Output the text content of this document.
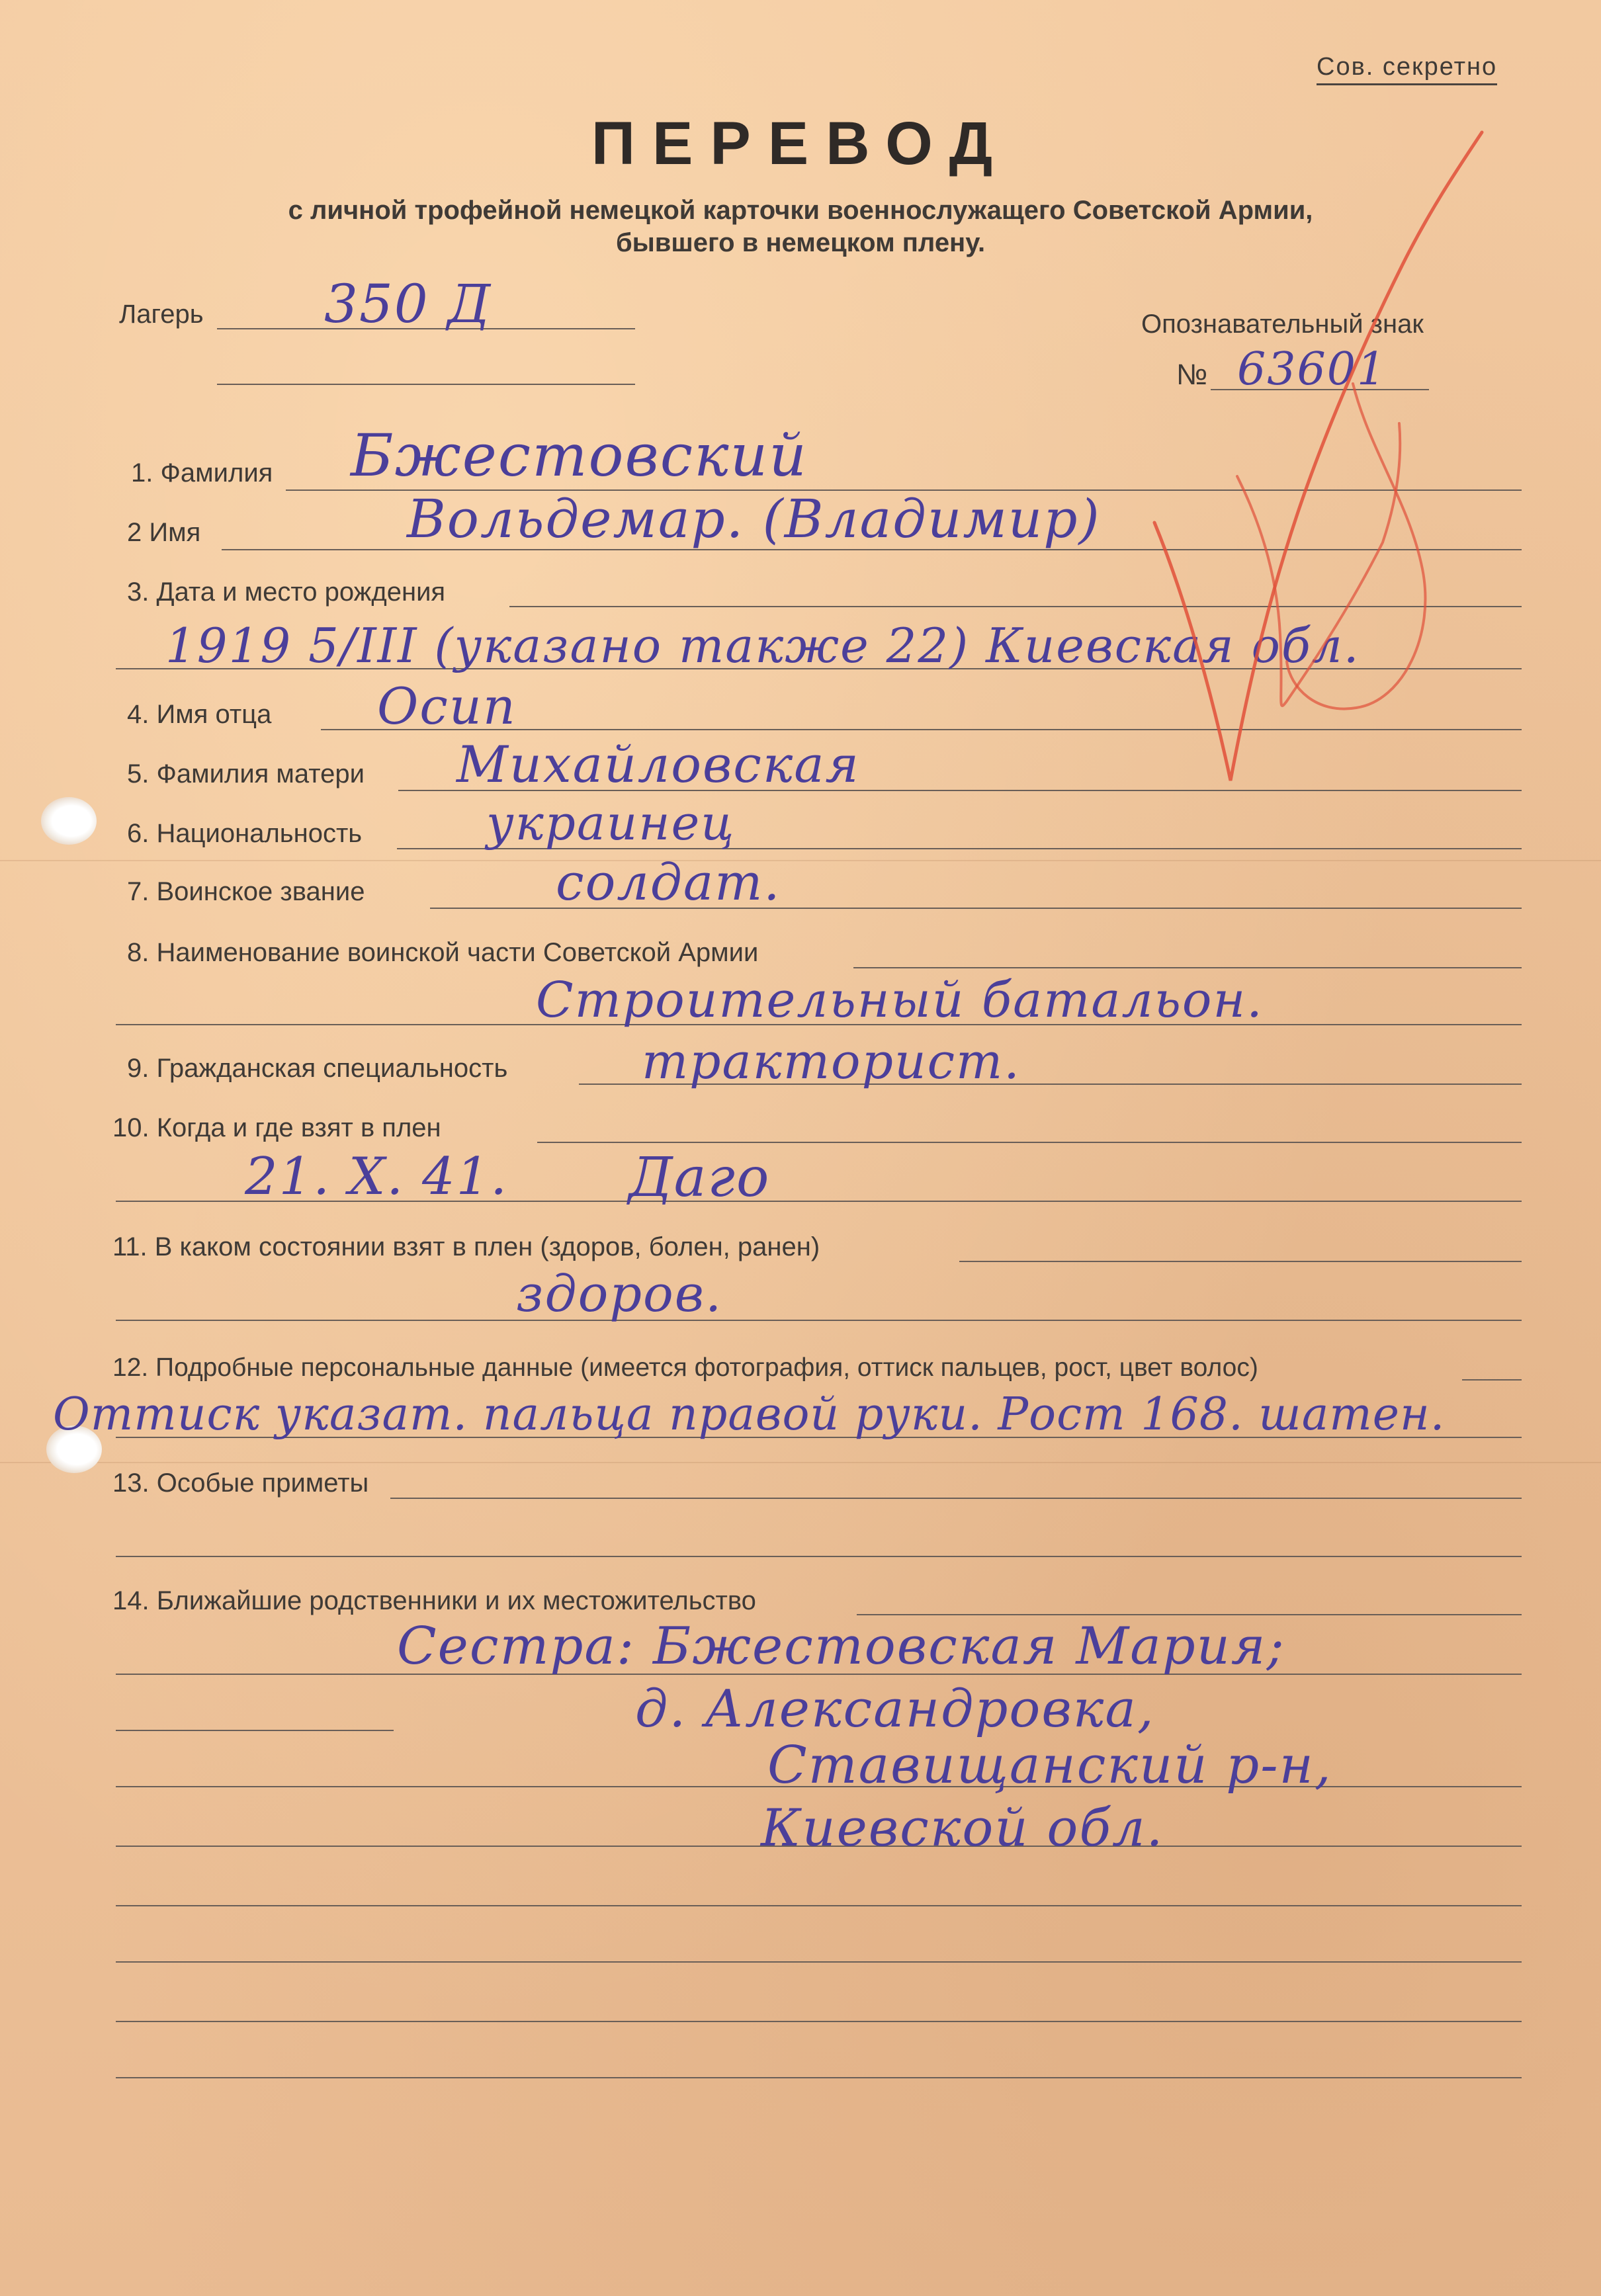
Сов. секретно
ПЕРЕВОД
с личной трофейной немецкой карточки военнослужащего Советской Армии,
бывшего в немецком плену.
Лагерь 350 Д	Опознавательный знак
№ 63601
1. Фамилия Бжестовский
2 Имя	Вольдемар. (Владимир)
3. Дата и место рождения
1919 5/III (указано также 22) Киевская обл.
4. Имя отца Осип
5. Фамилия матери Михайловская
6. Национальность	украинец
7. Воинское звание	солдат.
8. Наименование воинской части Советской Армии
Строительный батальон.
9. Гражданская специальность	тракторист.
10. Когда и где взят в плен
21. X. 41. Даго
11. В каком состоянии взят в плен (здоров, болен, ранен)
здоров.
12. Подробные персональные данные (имеется фотография, оттиск пальцев, рост, цвет волос)
Оттиск указат. пальца правой руки. Рост 168. шатен.
13. Особые приметы
14. Ближайшие родственники и их местожительство
Сестра: Бжестовская Мария;
д. Александровка,
Ставищанский р-н,
Киевской обл.
